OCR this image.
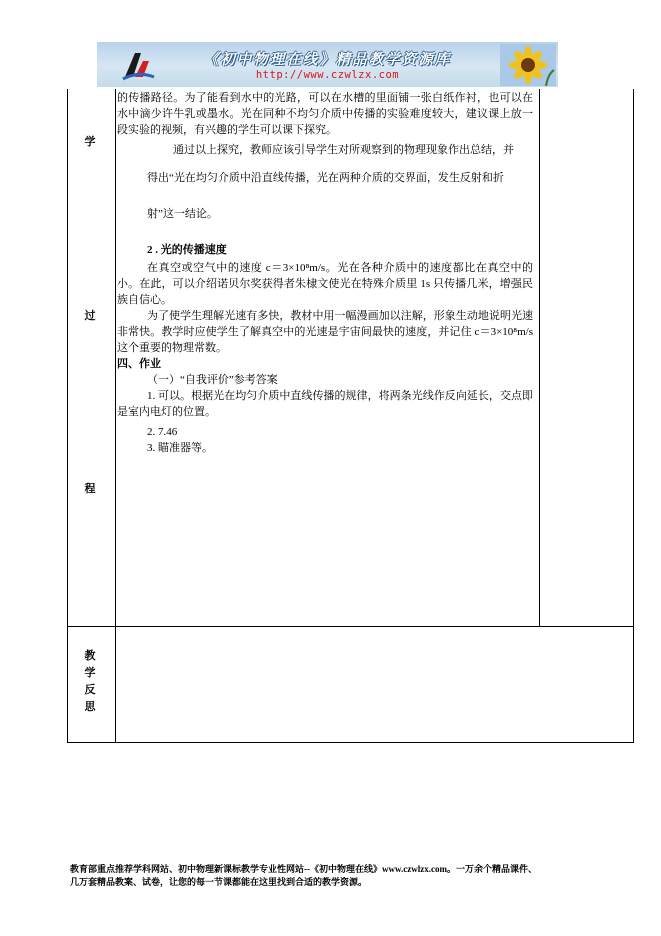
《初中物理在线》精品教学资源库
http://www.czwlzx.com
学
过
程
教
学
反
思

的传播路径。为了能看到水中的光路，可以在水槽的里面铺一张白纸作衬，也可以在水中滴少许牛乳或墨水。光在同种不均匀介质中传播的实验难度较大，建议课上放一段实验的视频，有兴趣的学生可以课下探究。

通过以上探究，教师应该引导学生对所观察到的物理现象作出总结，并

得出“光在均匀介质中沿直线传播，光在两种介质的交界面，发生反射和折

射”这一结论。

2 . 光的传播速度

在真空或空气中的速度 c＝3×10⁸m/s。光在各种介质中的速度都比在真空中的小。在此，可以介绍诺贝尔奖获得者朱棣文使光在特殊介质里 1s 只传播几米，增强民族自信心。

为了使学生理解光速有多快，教材中用一幅漫画加以注解，形象生动地说明光速非常快。教学时应使学生了解真空中的光速是宇宙间最快的速度，并记住 c＝3×10⁸m/s 这个重要的物理常数。

四、作业

（一）“自我评价”参考答案

1. 可以。根据光在均匀介质中直线传播的规律，将两条光线作反向延长，交点即是室内电灯的位置。

2. 7.46

3. 瞄准器等。

教育部重点推荐学科网站、初中物理新课标教学专业性网站--《初中物理在线》www.czwlzx.com。一万余个精品课件、
几万套精品教案、试卷，让您的每一节课都能在这里找到合适的教学资源。
